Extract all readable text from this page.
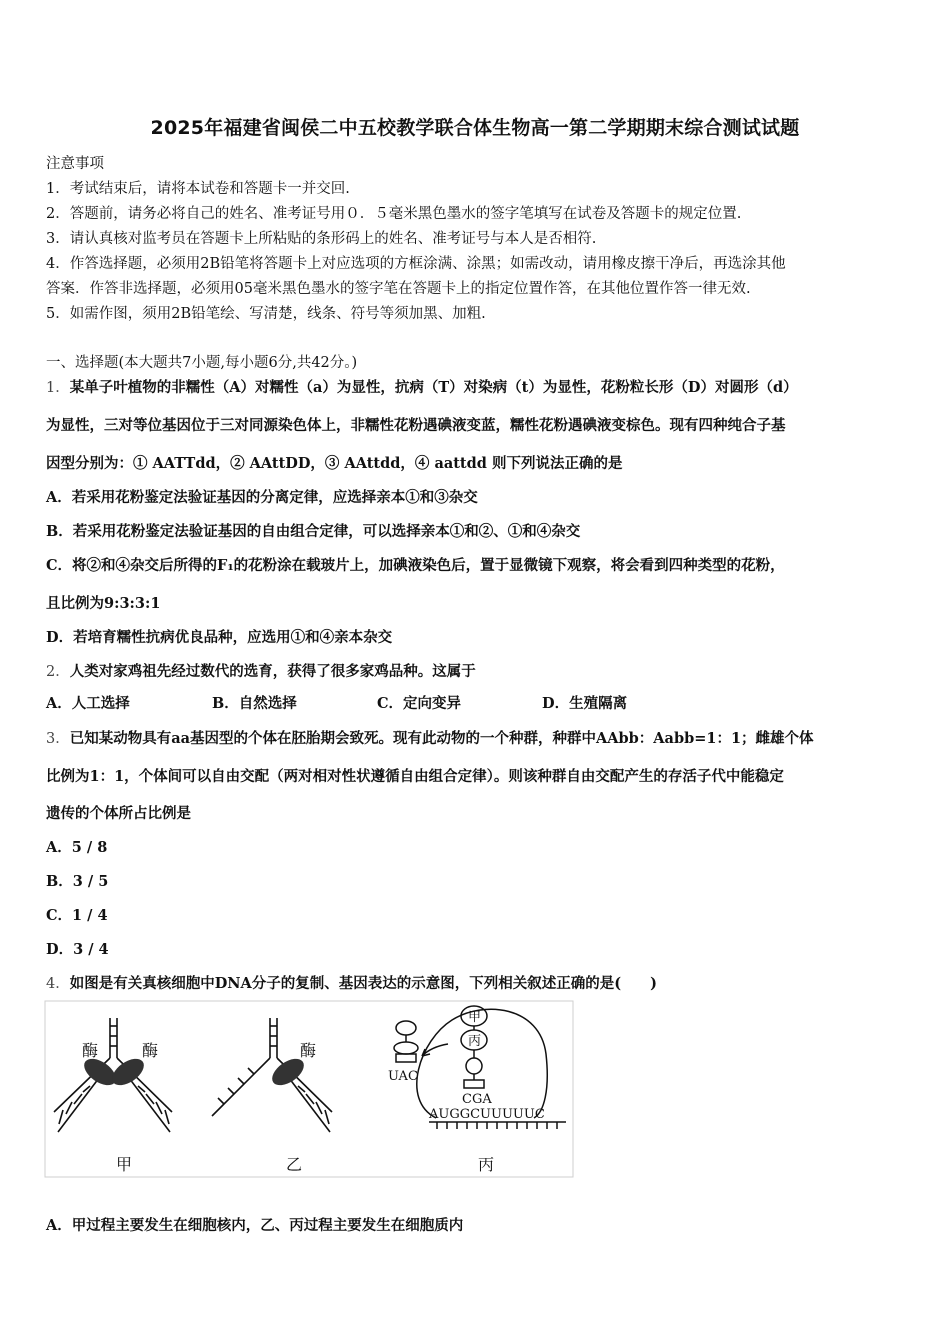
2025年福建省闽侯二中五校教学联合体生物高一第二学期期末综合测试试题
注意事项
1．考试结束后，请将本试卷和答题卡一并交回.
2．答题前，请务必将自己的姓名、准考证号用０．５毫米黑色墨水的签字笔填写在试卷及答题卡的规定位置.
3．请认真核对监考员在答题卡上所粘贴的条形码上的姓名、准考证号与本人是否相符.
4．作答选择题，必须用2B铅笔将答题卡上对应选项的方框涂满、涂黑；如需改动，请用橡皮擦干净后，再选涂其他
答案．作答非选择题，必须用05毫米黑色墨水的签字笔在答题卡上的指定位置作答，在其他位置作答一律无效.
5．如需作图，须用2B铅笔绘、写清楚，线条、符号等须加黑、加粗.
一、选择题(本大题共7小题,每小题6分,共42分。)
1．某单子叶植物的非糯性（A）对糯性（a）为显性，抗病（T）对染病（t）为显性，花粉粒长形（D）对圆形（d）
为显性，三对等位基因位于三对同源染色体上，非糯性花粉遇碘液变蓝，糯性花粉遇碘液变棕色。现有四种纯合子基
因型分别为：① AATTdd，② AAttDD，③ AAttdd，④ aattdd 则下列说法正确的是
A．若采用花粉鉴定法验证基因的分离定律，应选择亲本①和③杂交
B．若采用花粉鉴定法验证基因的自由组合定律，可以选择亲本①和②、①和④杂交
C．将②和④杂交后所得的F₁的花粉涂在载玻片上，加碘液染色后，置于显微镜下观察，将会看到四种类型的花粉，
且比例为9:3:3:1
D．若培育糯性抗病优良品种，应选用①和④亲本杂交
2．人类对家鸡祖先经过数代的选育，获得了很多家鸡品种。这属于
A．人工选择	B．自然选择	C．定向变异	D．生殖隔离
3．已知某动物具有aa基因型的个体在胚胎期会致死。现有此动物的一个种群，种群中AAbb：Aabb=1：1；雌雄个体
比例为1：1，个体间可以自由交配（两对相对性状遵循自由组合定律）。则该种群自由交配产生的存活子代中能稳定
遗传的个体所占比例是
A．5 / 8
B．3 / 5
C．1 / 4
D．3 / 4
4．如图是有关真核细胞中DNA分子的复制、基因表达的示意图，下列相关叙述正确的是(　　)
酶	酶
甲
酶
乙
甲
丙
UAC
CGA
AUGGCUUUUUC
丙
A．甲过程主要发生在细胞核内，乙、丙过程主要发生在细胞质内
